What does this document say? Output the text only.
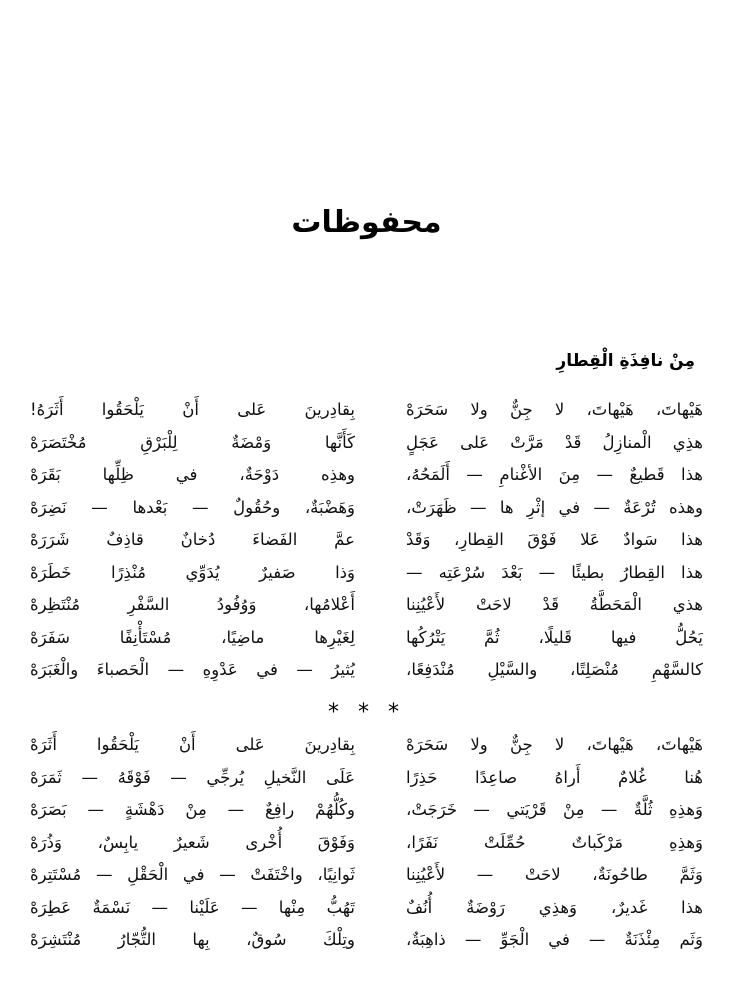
محفوظات
مِنْ نافِذَةِ الْقِطارِ
هَيْهاتَ، هَيْهاتَ، لا جِنٌّ ولا سَحَرَهْ
بِقادِرينَ عَلى أَنْ يَلْحَقُوا أَثَرَهُ!
هذِي الْمنازِلُ قَدْ مَرَّتْ عَلى عَجَلٍ
كَأَنَّها وَمْضَةٌ لِلْبَرْقِ مُخْتَصَرَهْ
هذا قَطيعٌ — مِنَ الأغْنامِ — أَلَمَحُهُ،
وهذِه دَوْحَةٌ، في ظِلِّها بَقَرَهْ
وهذه تُرْعَةٌ — في إثْرِ ها — ظَهَرَتْ،
وَهَضْبَةٌ، وحُقُولٌ — بَعْدها — نَضِرَهْ
هذا سَوادٌ عَلا فَوْقَ القِطارِ، وَقَدْ
عمَّ الفَضاءَ دُخانٌ قاذِفٌ شَرَرَهْ
هذا القِطارُ بطيئًا — بَعْدَ سُرْعَتِه —
وَذا صَفيرٌ يُدَوِّي مُنْذِرًا خَطَرَهْ
هذي الْمَحَطَّةُ قَدْ لاحَتْ لأَعْيُنِنا
أَعْلامُها، وَوُفُودُ السَّفْرِ مُنْتَظِرهْ
يَحُلُّ فيها قَليلًا، ثُمَّ يَتْرُكُها
لِغَيْرِها ماضِيًا، مُسْتَأْنِفًا سَفَرَهْ
كالسَّهْمِ مُنْصَلِتًا، والسَّيْلِ مُنْدَفِعًا،
يُثيرُ — في عَدْوِهِ — الْحَصباءَ والْغَبَرَهْ
* * *
هَيْهاتَ، هَيْهاتَ، لا جِنٌّ ولا سَحَرَهْ
بِقادِرينَ عَلى أَنْ يَلْحَقُوا أَثَرَهْ
هُنا غُلامٌ أَراهُ صاعِدًا حَذِرًا
عَلَى النَّخيلِ يُرجِّي — فَوْقَهُ — ثَمَرَهْ
وَهذِهِ ثُلَّةٌ — مِنْ قَرْيَتي — خَرَجَتْ،
وكُلُّهُمْ رافِعٌ — مِنْ دَهْشَةٍ — بَصَرَهْ
وَهذِهِ مَرْكَباتٌ حُمِّلَتْ نَفَرًا،
وَفَوْقَ أُخْرى شَعيرٌ يابِسٌ، وَذُرَهْ
وَثَمَّ طاحُونَةٌ، لاحَتْ — لأَعْيُنِنا
ثَوانِيًا، واخْتَفَتْ — في الْحَقْلِ — مُسْتَتِرهْ
هذا غَديرٌ، وَهذِي رَوْضَةٌ أُنُفٌ
تَهُبُّ مِنْها — عَلَيْنا — نَسْمَةٌ عَطِرَهْ
وَثَم مِئْذَنَةٌ — في الْجَوِّ — ذاهِبَةٌ،
وتِلْكَ سُوقٌ، بِها التُّجّارُ مُنْتَشِرَهْ
